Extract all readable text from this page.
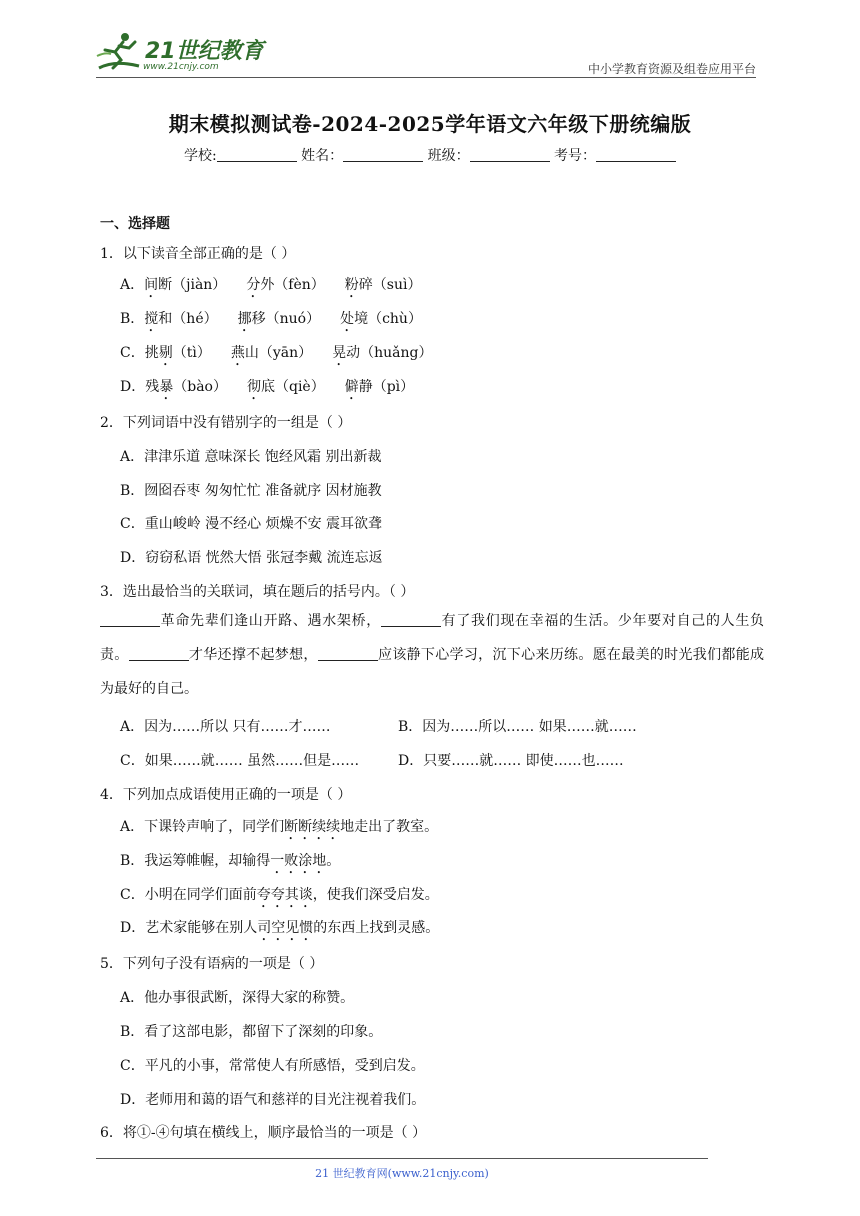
21世纪教育
www.21cnjy.com	中小学教育资源及组卷应用平台
期末模拟测试卷-2024-2025学年语文六年级下册统编版
学校:	姓名：	班级：	考号：
一、选择题
1．以下读音全部正确的是（ ）
A．间断（jiàn） 分外（fèn） 粉碎（suì）
B．搅和（hé） 挪移（nuó） 处境（chù）
C．挑剔（tì） 燕山（yān） 晃动（huǎng）
D．残暴（bào） 彻底（qiè） 僻静（pì）
2．下列词语中没有错别字的一组是（ ）
A．津津乐道 意味深长 饱经风霜 别出新裁
B．囫囵吞枣 匆匆忙忙 准备就序 因材施教
C．重山峻岭 漫不经心 烦燥不安 震耳欲聋
D．窃窃私语 恍然大悟 张冠李戴 流连忘返
3．选出最恰当的关联词，填在题后的括号内。（ ）
革命先辈们逢山开路、遇水架桥，	有了我们现在幸福的生活。少年要对自己的人生负责。	才华还撑不起梦想，	应该静下心学习，沉下心来历练。愿在最美的时光我们都能成为最好的自己。
A．因为……所以 只有……才……	B．因为……所以…… 如果……就……
C．如果……就…… 虽然……但是……	D．只要……就…… 即使……也……
4．下列加点成语使用正确的一项是（ ）
A．下课铃声响了，同学们断断续续地走出了教室。
B．我运筹帷幄，却输得一败涂地。
C．小明在同学们面前夸夸其谈，使我们深受启发。
D．艺术家能够在别人司空见惯的东西上找到灵感。
5．下列句子没有语病的一项是（ ）
A．他办事很武断，深得大家的称赞。
B．看了这部电影，都留下了深刻的印象。
C．平凡的小事，常常使人有所感悟，受到启发。
D．老师用和蔼的语气和慈祥的目光注视着我们。
6．将①-④句填在横线上，顺序最恰当的一项是（ ）
21 世纪教育网(www.21cnjy.com)
